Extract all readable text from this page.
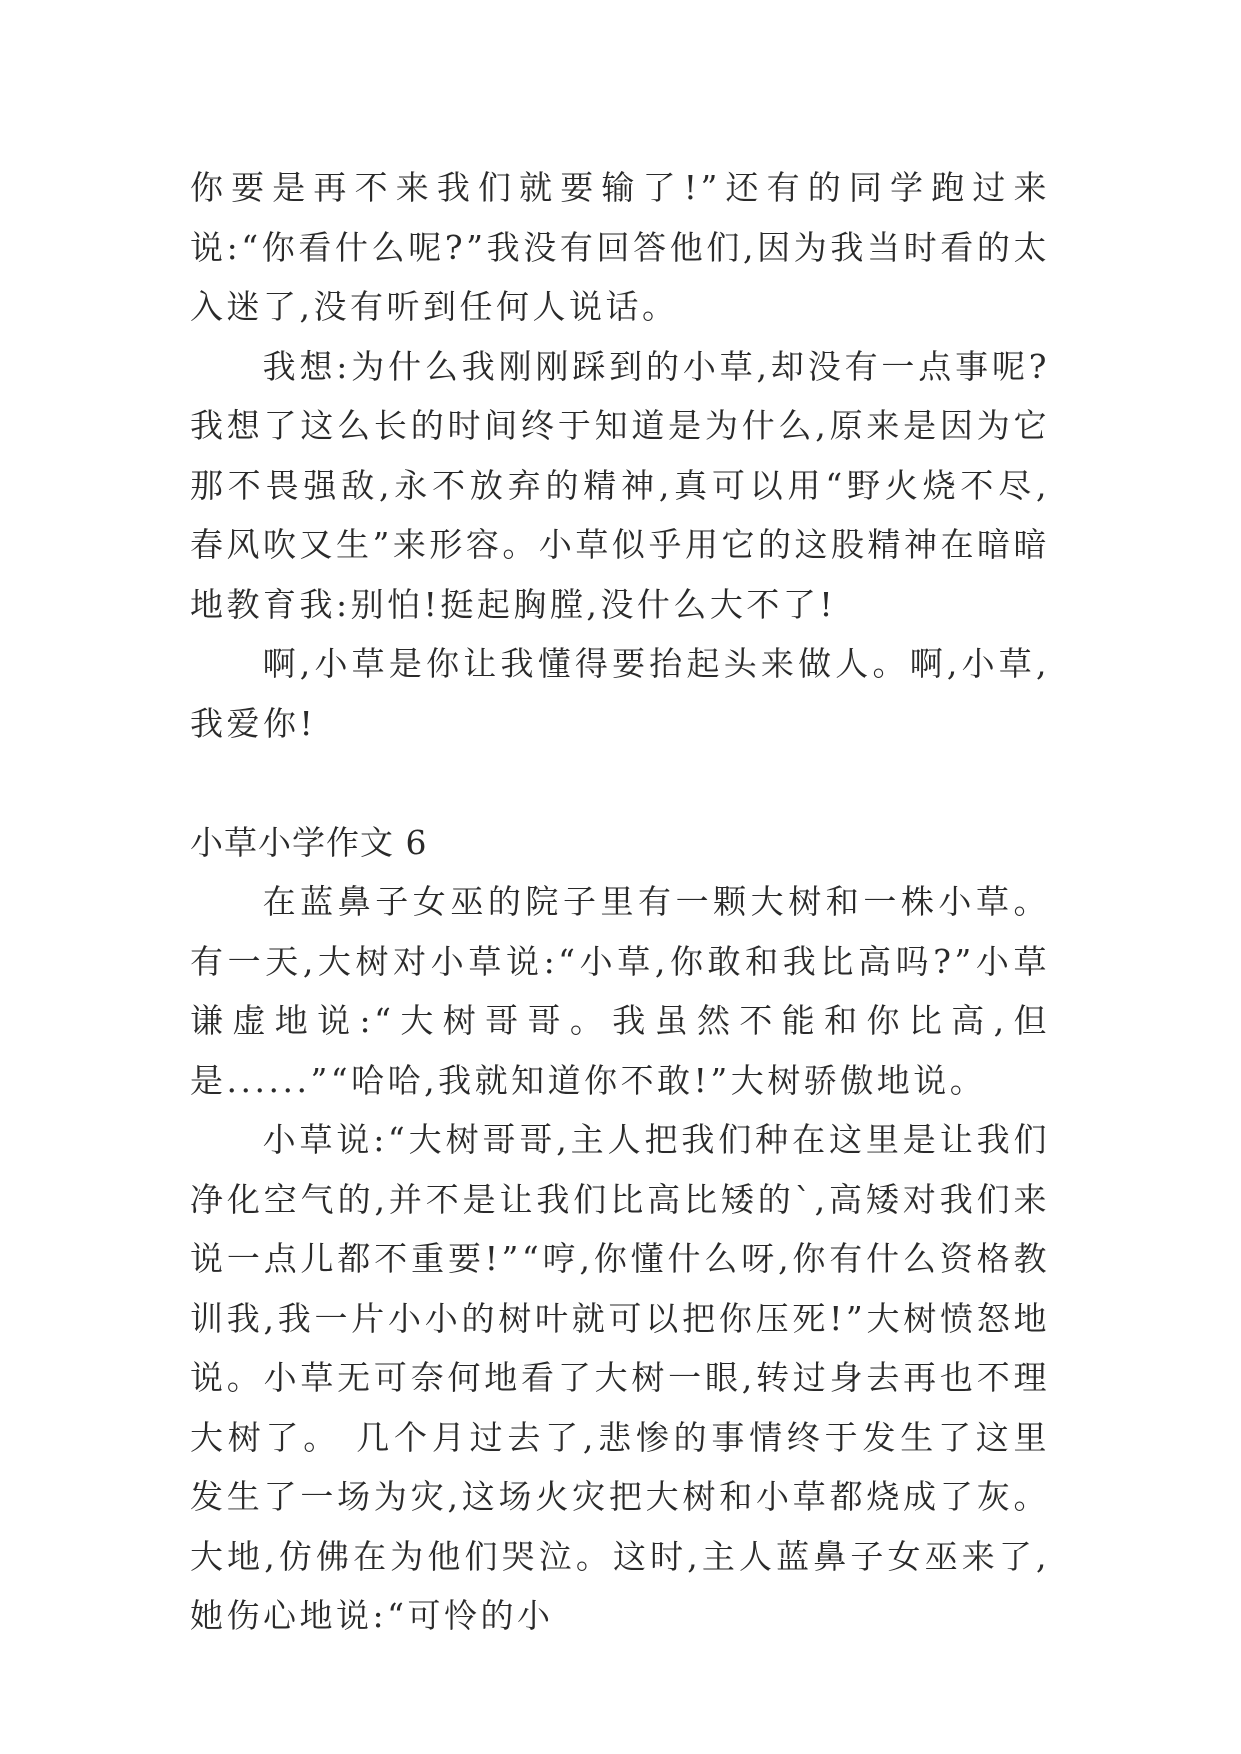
你要是再不来我们就要输了!”还有的同学跑过来说:“你看什么呢?”我没有回答他们,因为我当时看的太入迷了,没有听到任何人说话。

我想:为什么我刚刚踩到的小草,却没有一点事呢?我想了这么长的时间终于知道是为什么,原来是因为它那不畏强敌,永不放弃的精神,真可以用“野火烧不尽,春风吹又生”来形容。小草似乎用它的这股精神在暗暗地教育我:别怕!挺起胸膛,没什么大不了!

啊,小草是你让我懂得要抬起头来做人。啊,小草,我爱你!

小草小学作文 6

在蓝鼻子女巫的院子里有一颗大树和一株小草。 有一天,大树对小草说:“小草,你敢和我比高吗?”小草谦虚地说:“大树哥哥。我虽然不能和你比高,但是......”“哈哈,我就知道你不敢!”大树骄傲地说。

小草说:“大树哥哥,主人把我们种在这里是让我们净化空气的,并不是让我们比高比矮的`,高矮对我们来说一点儿都不重要!”“哼,你懂什么呀,你有什么资格教训我,我一片小小的树叶就可以把你压死!”大树愤怒地说。小草无可奈何地看了大树一眼,转过身去再也不理大树了。 几个月过去了,悲惨的事情终于发生了这里发生了一场为灾,这场火灾把大树和小草都烧成了灰。大地,仿佛在为他们哭泣。这时,主人蓝鼻子女巫来了,她伤心地说:“可怜的小
